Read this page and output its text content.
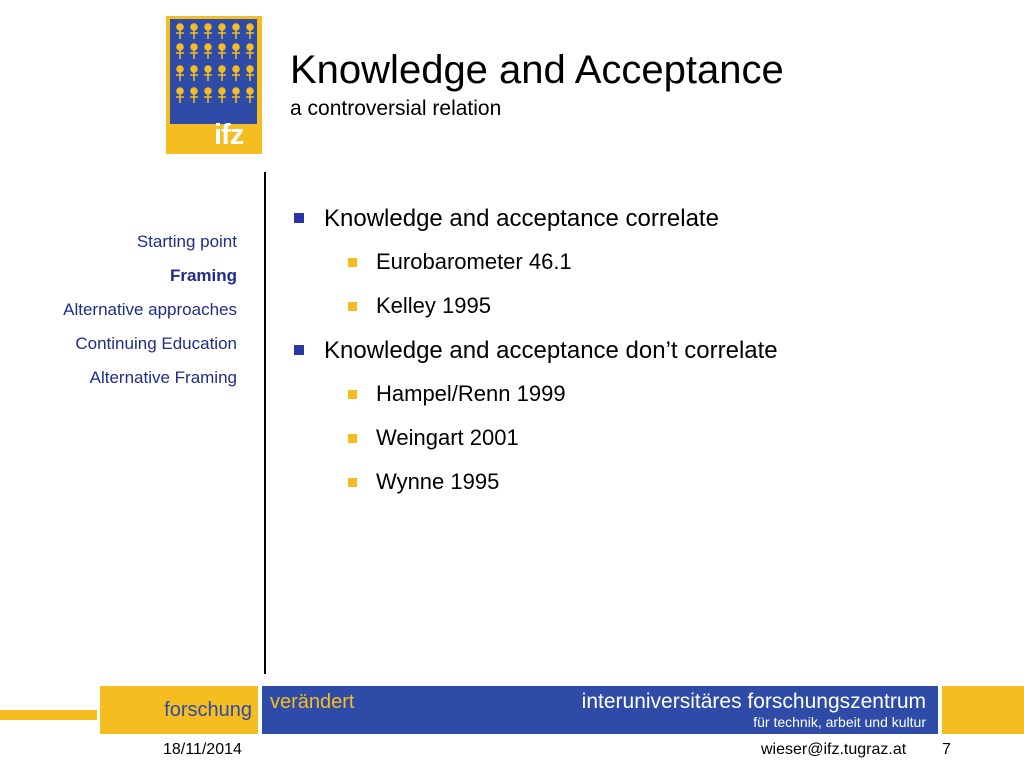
ifz
Knowledge and Acceptance
a controversial relation
Starting point
Framing
Alternative approaches
Continuing Education
Alternative Framing
Knowledge and acceptance correlate
Eurobarometer 46.1
Kelley 1995
Knowledge and acceptance don’t correlate
Hampel/Renn 1999
Weingart 2001
Wynne 1995
forschung verändert	interuniversitäres forschungszentrum
für technik, arbeit und kultur
18/11/2014	wieser@ifz.tugraz.at 7
